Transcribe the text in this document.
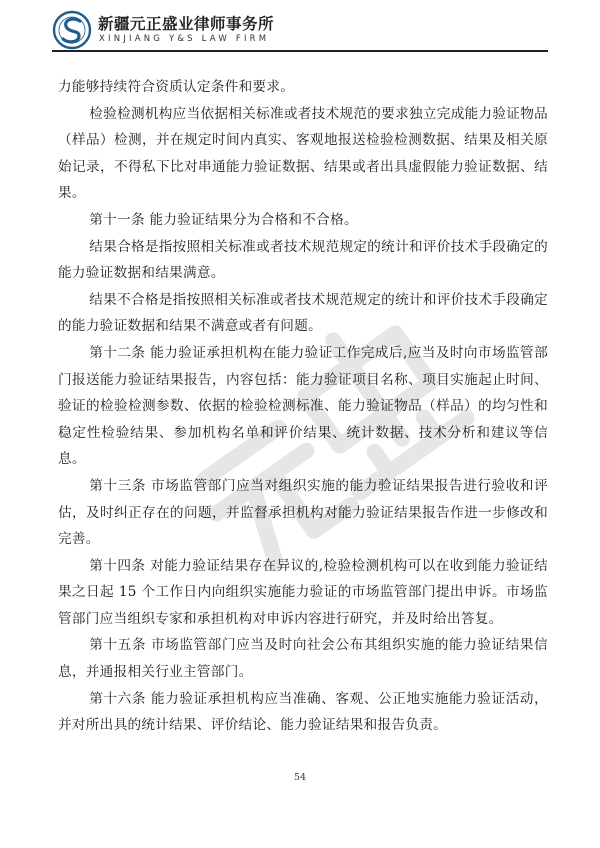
新疆元正盛业律师事务所
XINJIANG Y&S LAW FIRM

力能够持续符合资质认定条件和要求。

检验检测机构应当依据相关标准或者技术规范的要求独立完成能力验证物品（样品）检测，并在规定时间内真实、客观地报送检验检测数据、结果及相关原始记录，不得私下比对串通能力验证数据、结果或者出具虚假能力验证数据、结果。

第十一条 能力验证结果分为合格和不合格。

结果合格是指按照相关标准或者技术规范规定的统计和评价技术手段确定的能力验证数据和结果满意。

结果不合格是指按照相关标准或者技术规范规定的统计和评价技术手段确定的能力验证数据和结果不满意或者有问题。

第十二条 能力验证承担机构在能力验证工作完成后,应当及时向市场监管部门报送能力验证结果报告，内容包括：能力验证项目名称、项目实施起止时间、验证的检验检测参数、依据的检验检测标准、能力验证物品（样品）的均匀性和稳定性检验结果、参加机构名单和评价结果、统计数据、技术分析和建议等信息。

第十三条 市场监管部门应当对组织实施的能力验证结果报告进行验收和评估，及时纠正存在的问题，并监督承担机构对能力验证结果报告作进一步修改和完善。

第十四条 对能力验证结果存在异议的,检验检测机构可以在收到能力验证结果之日起 15 个工作日内向组织实施能力验证的市场监管部门提出申诉。市场监管部门应当组织专家和承担机构对申诉内容进行研究，并及时给出答复。

第十五条 市场监管部门应当及时向社会公布其组织实施的能力验证结果信息，并通报相关行业主管部门。

第十六条 能力验证承担机构应当准确、客观、公正地实施能力验证活动，并对所出具的统计结果、评价结论、能力验证结果和报告负责。

54
